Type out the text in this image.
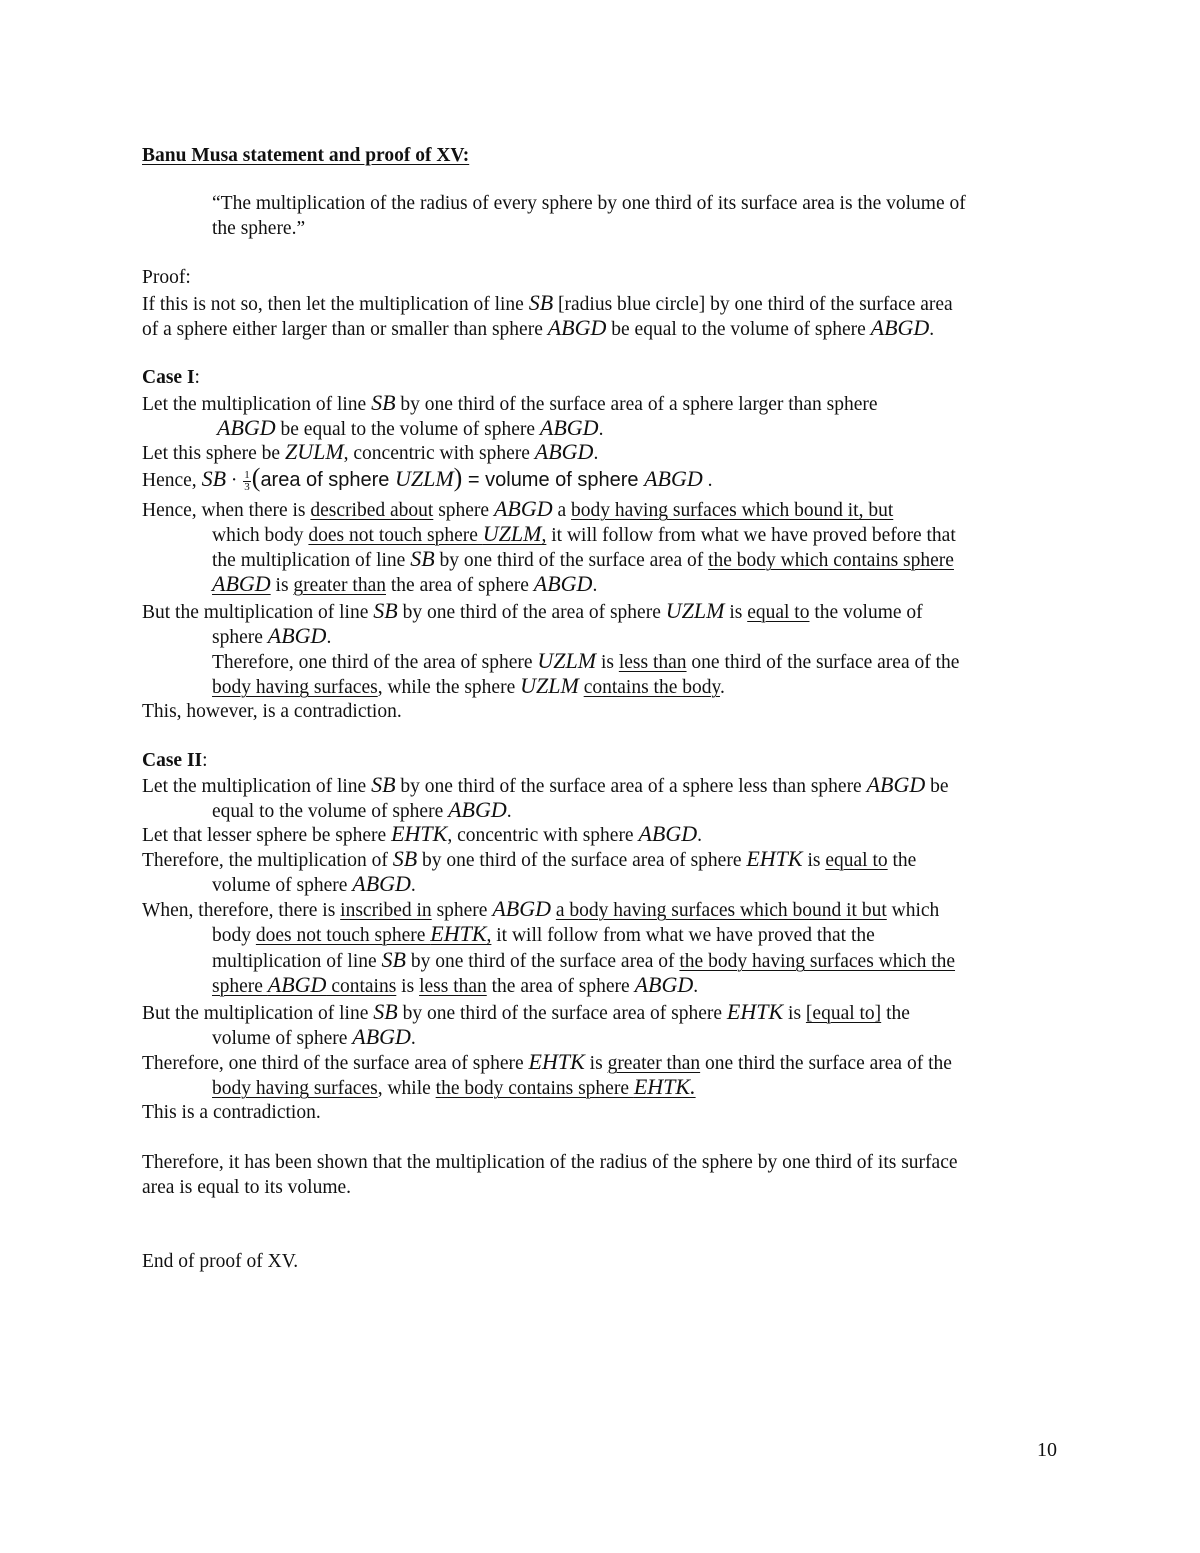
Banu Musa statement and proof of XV:

“The multiplication of the radius of every sphere by one third of its surface area is the volume of

the sphere.”

Proof:

If this is not so, then let the multiplication of line SB [radius blue circle] by one third of the surface area

of a sphere either larger than or smaller than sphere ABGD be equal to the volume of sphere ABGD.

Case I:

Let the multiplication of line SB by one third of the surface area of a sphere larger than sphere

ABGD be equal to the volume of sphere ABGD.

Let this sphere be ZULM, concentric with sphere ABGD.

Hence, SB · $\frac{1}{3}$ (area of sphere UZLM) = volume of sphere ABGD .

Hence, when there is described about sphere ABGD a body having surfaces which bound it, but

which body does not touch sphere UZLM, it will follow from what we have proved before that

the multiplication of line SB by one third of the surface area of the body which contains sphere

ABGD is greater than the area of sphere ABGD.

But the multiplication of line SB by one third of the area of sphere UZLM is equal to the volume of

sphere ABGD.

Therefore, one third of the area of sphere UZLM is less than one third of the surface area of the

body having surfaces, while the sphere UZLM contains the body.

This, however, is a contradiction.

Case II:

Let the multiplication of line SB by one third of the surface area of a sphere less than sphere ABGD be

equal to the volume of sphere ABGD.

Let that lesser sphere be sphere EHTK, concentric with sphere ABGD.

Therefore, the multiplication of SB by one third of the surface area of sphere EHTK is equal to the

volume of sphere ABGD.

When, therefore, there is inscribed in sphere ABGD a body having surfaces which bound it but which

body does not touch sphere EHTK, it will follow from what we have proved that the

multiplication of line SB by one third of the surface area of the body having surfaces which the

sphere ABGD contains is less than the area of sphere ABGD.

But the multiplication of line SB by one third of the surface area of sphere EHTK is [equal to] the

volume of sphere ABGD.

Therefore, one third of the surface area of sphere EHTK is greater than one third the surface area of the

body having surfaces, while the body contains sphere EHTK.

This is a contradiction.

Therefore, it has been shown that the multiplication of the radius of the sphere by one third of its surface

area is equal to its volume.

End of proof of XV.

10
